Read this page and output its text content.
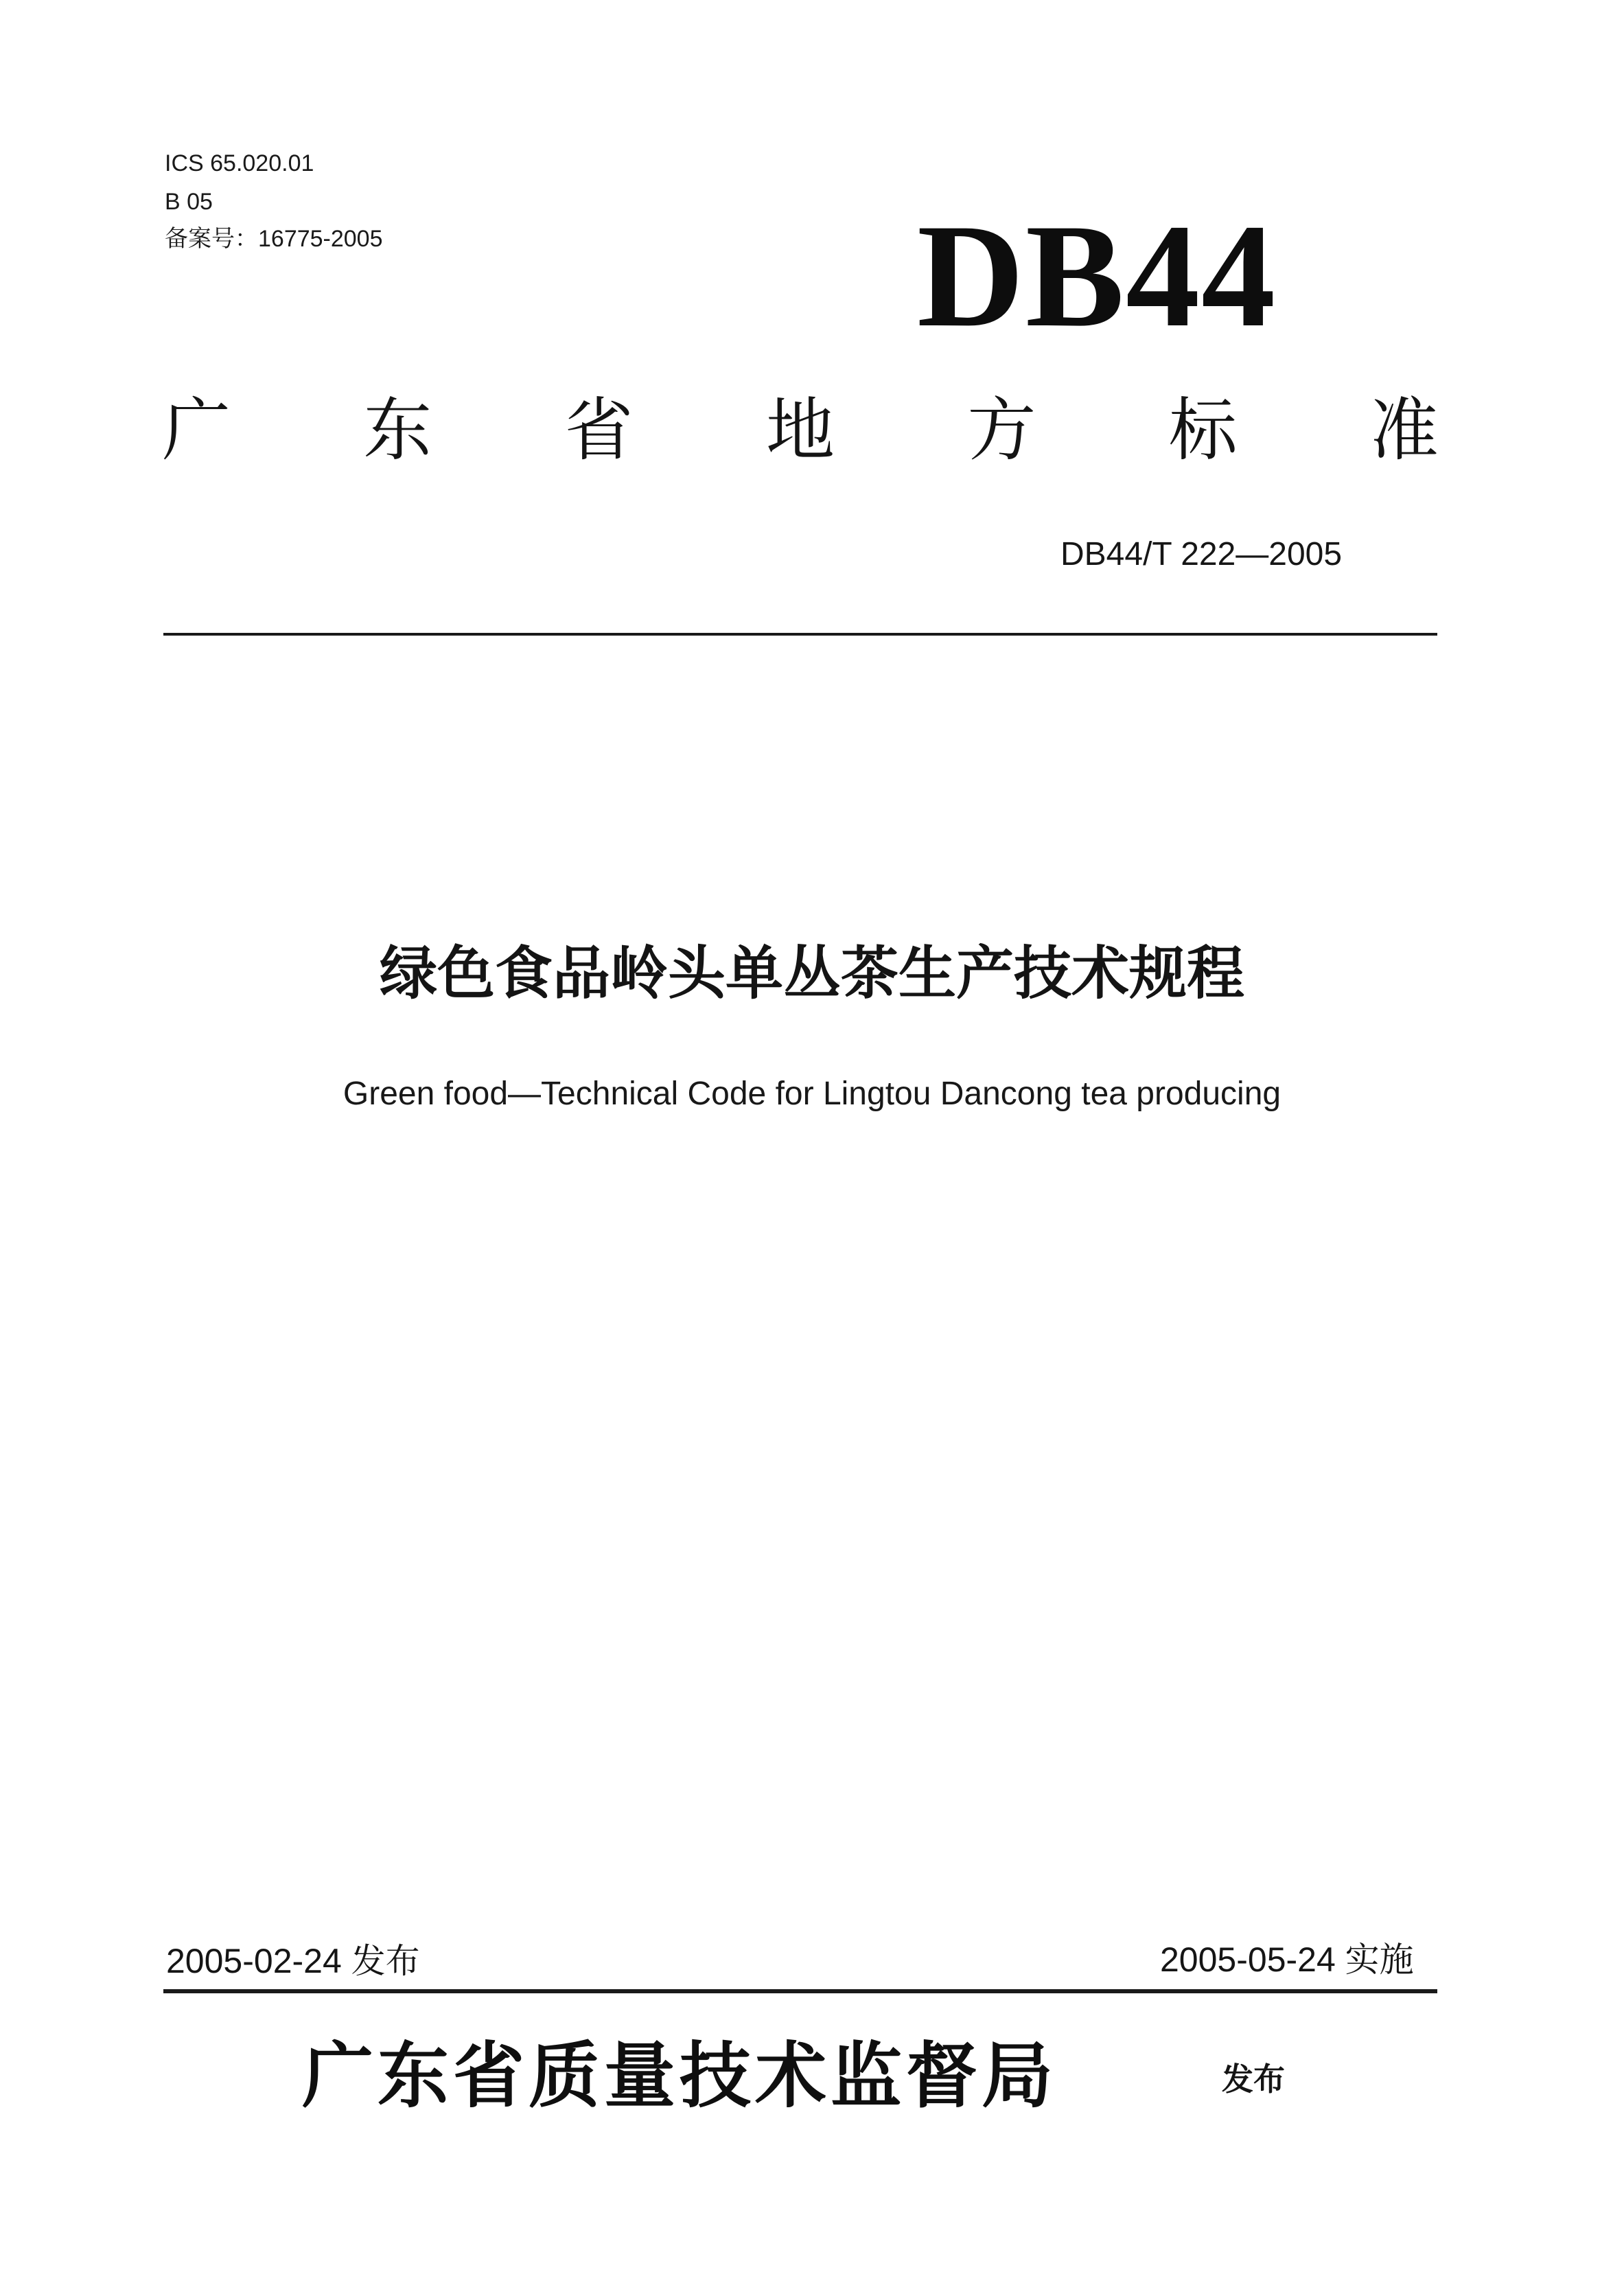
ICS 65.020.01

B 05

备案号：16775-2005	DB44
广 东 省 地 方 标 准

DB44/T 222—2005

绿色食品岭头单丛茶生产技术规程

Green food—Technical Code for Lingtou Dancong tea producing

2005-02-24 发布	2005-05-24 实施

广东省质量技术监督局	发布
